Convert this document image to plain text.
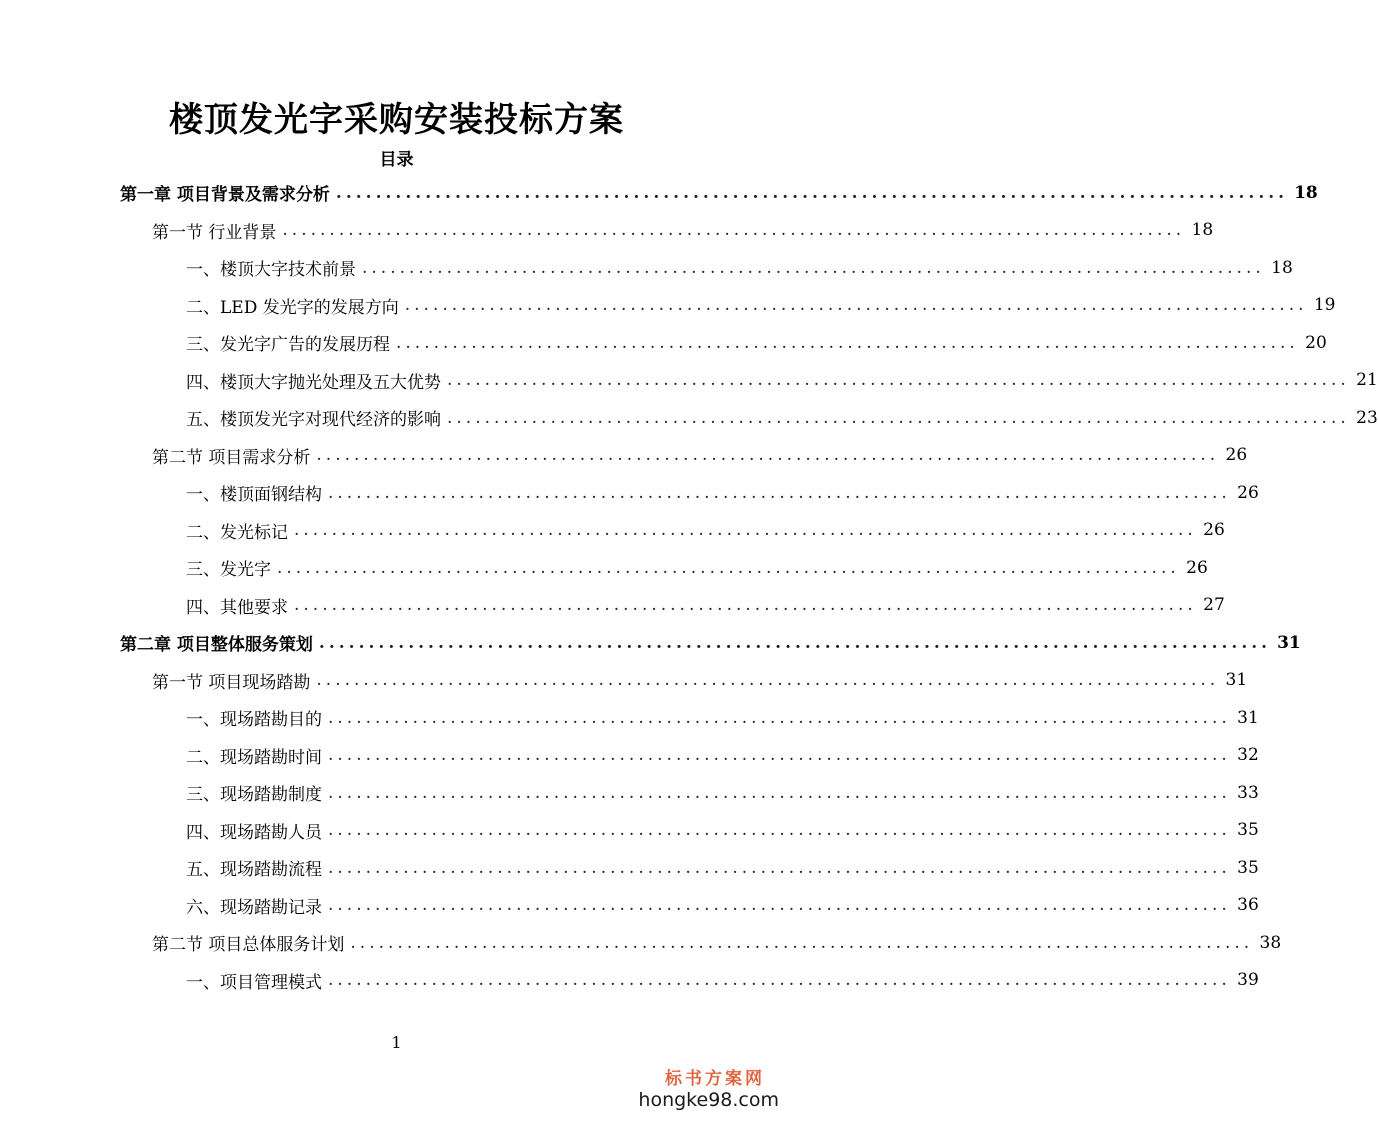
楼顶发光字采购安装投标方案
目录
第一章 项目背景及需求分析 ................................................................................................ 18
第一节 行业背景 ................................................................................................ 18
一、楼顶大字技术前景 ................................................................................................ 18
二、LED 发光字的发展方向 ................................................................................................ 19
三、发光字广告的发展历程 ................................................................................................ 20
四、楼顶大字抛光处理及五大优势 ................................................................................................ 21
五、楼顶发光字对现代经济的影响 ................................................................................................ 23
第二节 项目需求分析 ................................................................................................ 26
一、楼顶面钢结构 ................................................................................................ 26
二、发光标记 ................................................................................................ 26
三、发光字 ................................................................................................ 26
四、其他要求 ................................................................................................ 27
第二章 项目整体服务策划 ................................................................................................ 31
第一节 项目现场踏勘 ................................................................................................ 31
一、现场踏勘目的 ................................................................................................ 31
二、现场踏勘时间 ................................................................................................ 32
三、现场踏勘制度 ................................................................................................ 33
四、现场踏勘人员 ................................................................................................ 35
五、现场踏勘流程 ................................................................................................ 35
六、现场踏勘记录 ................................................................................................ 36
第二节 项目总体服务计划 ................................................................................................ 38
一、项目管理模式 ................................................................................................ 39
1
标书方案网
hongke98.com
